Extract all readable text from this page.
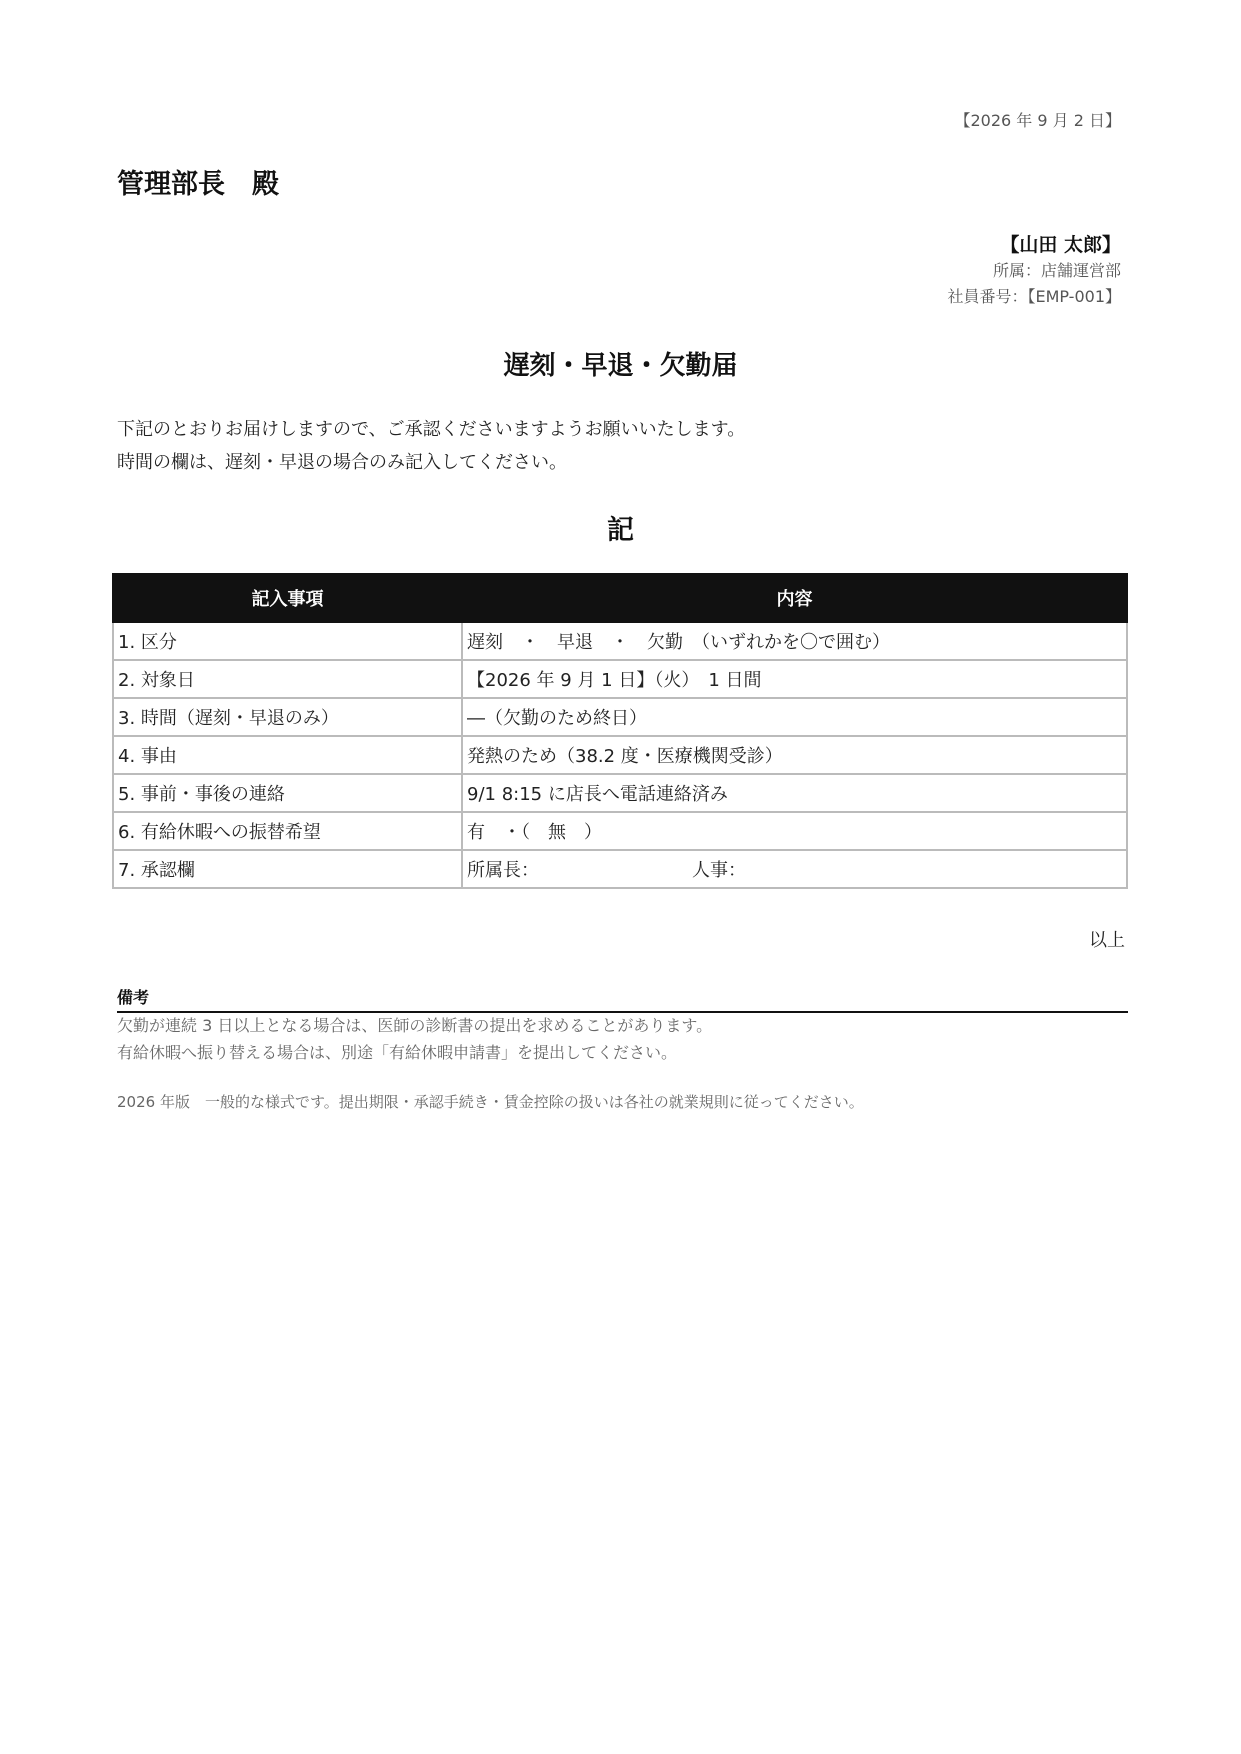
【2026 年 9 月 2 日】
管理部長　殿
【山田 太郎】
所属：店舗運営部
社員番号：【EMP-001】
遅刻・早退・欠勤届
下記のとおりお届けしますので、ご承認くださいますようお願いいたします。
時間の欄は、遅刻・早退の場合のみ記入してください。
記
記入事項	内容
1. 区分	遅刻　・　早退　・　欠勤　（いずれかを〇で囲む）
2. 対象日	【2026 年 9 月 1 日】（火）　1 日間
3. 時間（遅刻・早退のみ）	―（欠勤のため終日）
4. 事由	発熱のため（38.2 度・医療機関受診）
5. 事前・事後の連絡	9/1 8:15 に店長へ電話連絡済み
6. 有給休暇への振替希望	有　・（　無　）
7. 承認欄	所属長：　　　　　　　　　人事：
以上
備考
欠勤が連続 3 日以上となる場合は、医師の診断書の提出を求めることがあります。
有給休暇へ振り替える場合は、別途「有給休暇申請書」を提出してください。
2026 年版　一般的な様式です。提出期限・承認手続き・賃金控除の扱いは各社の就業規則に従ってください。
